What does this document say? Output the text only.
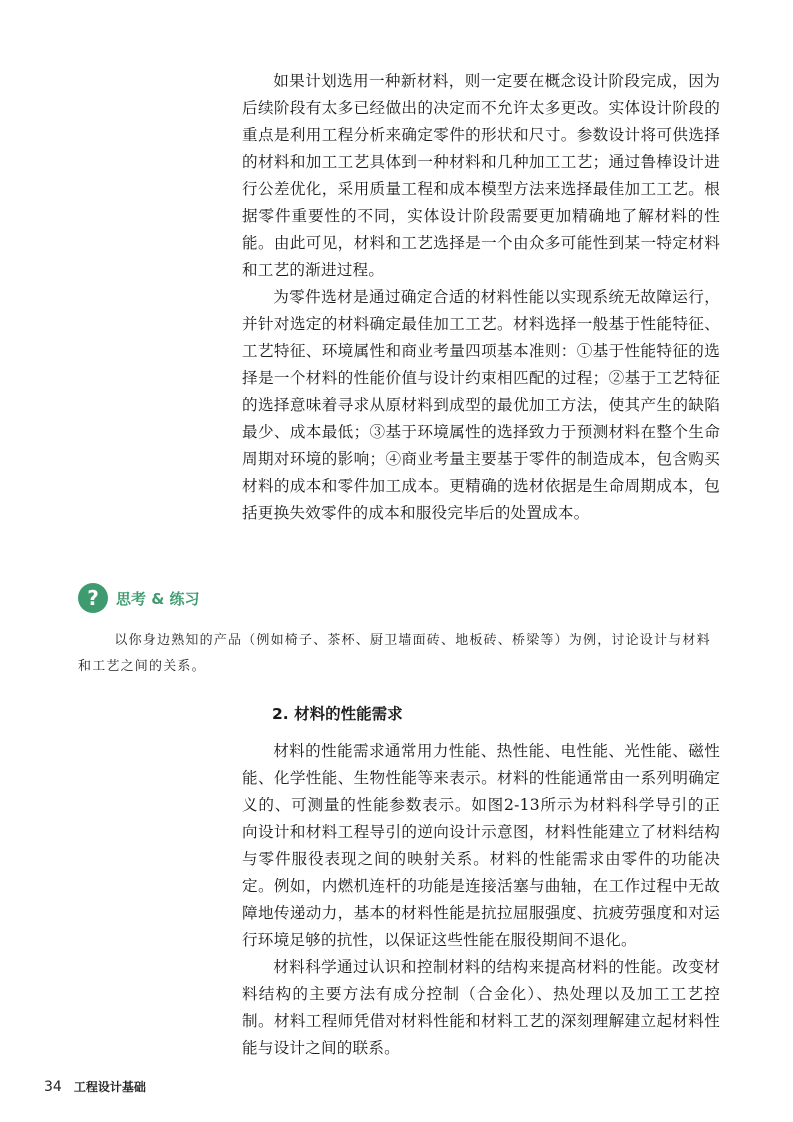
如果计划选用一种新材料，则一定要在概念设计阶段完成，因为后续阶段有太多已经做出的决定而不允许太多更改。实体设计阶段的重点是利用工程分析来确定零件的形状和尺寸。参数设计将可供选择的材料和加工工艺具体到一种材料和几种加工工艺；通过鲁棒设计进行公差优化，采用质量工程和成本模型方法来选择最佳加工工艺。根据零件重要性的不同，实体设计阶段需要更加精确地了解材料的性能。由此可见，材料和工艺选择是一个由众多可能性到某一特定材料和工艺的渐进过程。

为零件选材是通过确定合适的材料性能以实现系统无故障运行，并针对选定的材料确定最佳加工工艺。材料选择一般基于性能特征、工艺特征、环境属性和商业考量四项基本准则：①基于性能特征的选择是一个材料的性能价值与设计约束相匹配的过程；②基于工艺特征的选择意味着寻求从原材料到成型的最优加工方法，使其产生的缺陷最少、成本最低；③基于环境属性的选择致力于预测材料在整个生命周期对环境的影响；④商业考量主要基于零件的制造成本，包含购买材料的成本和零件加工成本。更精确的选材依据是生命周期成本，包括更换失效零件的成本和服役完毕后的处置成本。

?	思考 & 练习

以你身边熟知的产品（例如椅子、茶杯、厨卫墙面砖、地板砖、桥梁等）为例，讨论设计与材料和工艺之间的关系。

2. 材料的性能需求

材料的性能需求通常用力性能、热性能、电性能、光性能、磁性能、化学性能、生物性能等来表示。材料的性能通常由一系列明确定义的、可测量的性能参数表示。如图2-13所示为材料科学导引的正向设计和材料工程导引的逆向设计示意图，材料性能建立了材料结构与零件服役表现之间的映射关系。材料的性能需求由零件的功能决定。例如，内燃机连杆的功能是连接活塞与曲轴，在工作过程中无故障地传递动力，基本的材料性能是抗拉屈服强度、抗疲劳强度和对运行环境足够的抗性，以保证这些性能在服役期间不退化。

材料科学通过认识和控制材料的结构来提高材料的性能。改变材料结构的主要方法有成分控制（合金化）、热处理以及加工工艺控制。材料工程师凭借对材料性能和材料工艺的深刻理解建立起材料性能与设计之间的联系。

34 工程设计基础
